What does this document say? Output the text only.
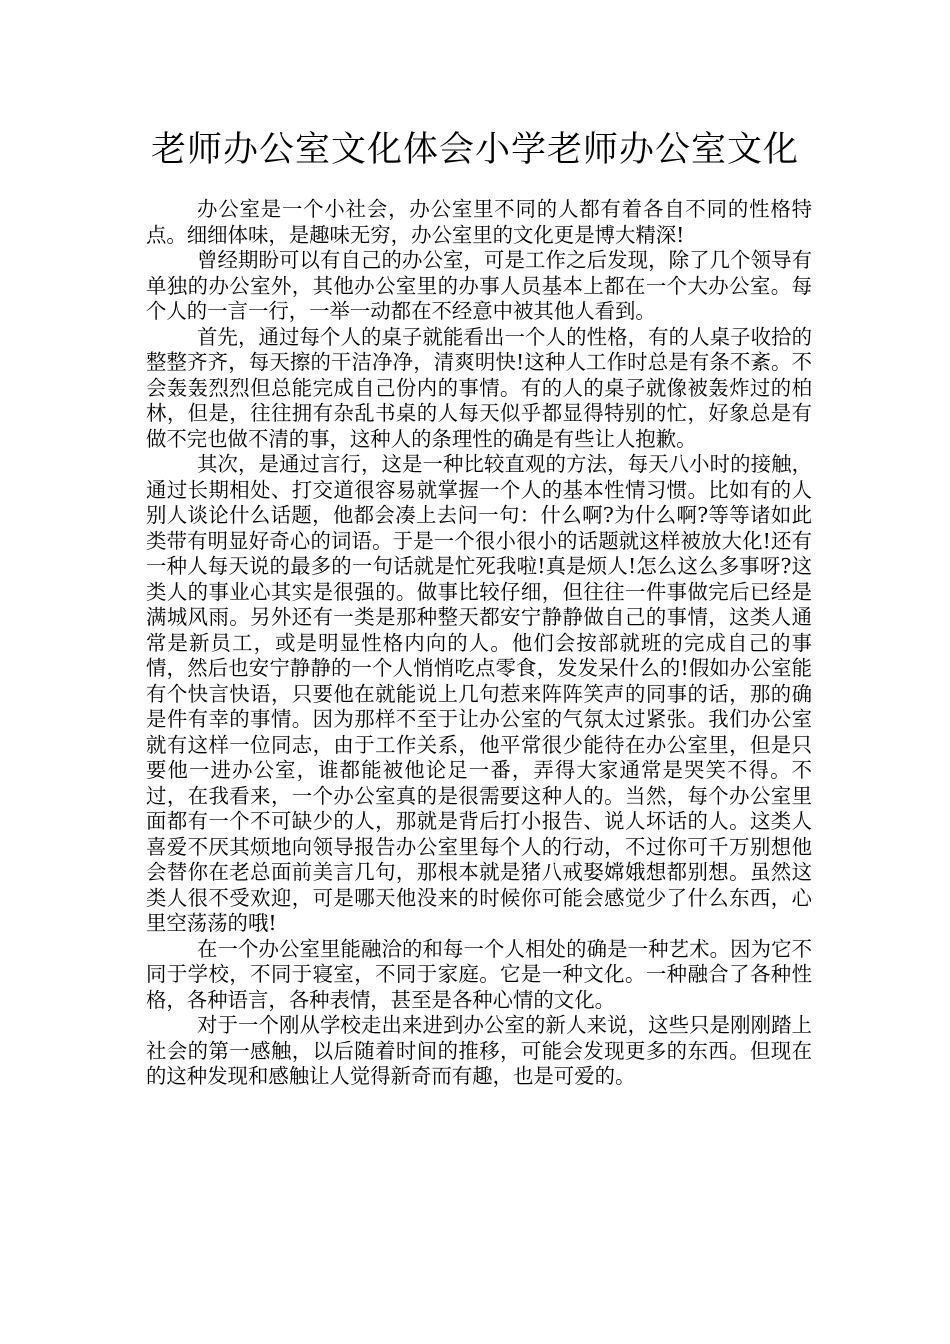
老师办公室文化体会小学老师办公室文化

办公室是一个小社会，办公室里不同的人都有着各自不同的性格特点。细细体味，是趣味无穷，办公室里的文化更是博大精深!

曾经期盼可以有自己的办公室，可是工作之后发现，除了几个领导有单独的办公室外，其他办公室里的办事人员基本上都在一个大办公室。每个人的一言一行，一举一动都在不经意中被其他人看到。

首先，通过每个人的桌子就能看出一个人的性格，有的人桌子收拾的整整齐齐，每天擦的干洁净净，清爽明快!这种人工作时总是有条不紊。不会轰轰烈烈但总能完成自己份内的事情。有的人的桌子就像被轰炸过的柏林，但是，往往拥有杂乱书桌的人每天似乎都显得特别的忙，好象总是有做不完也做不清的事，这种人的条理性的确是有些让人抱歉。

其次，是通过言行，这是一种比较直观的方法，每天八小时的接触，通过长期相处、打交道很容易就掌握一个人的基本性情习惯。比如有的人别人谈论什么话题，他都会凑上去问一句：什么啊?为什么啊?等等诸如此类带有明显好奇心的词语。于是一个很小很小的话题就这样被放大化!还有一种人每天说的最多的一句话就是忙死我啦!真是烦人!怎么这么多事呀?这类人的事业心其实是很强的。做事比较仔细，但往往一件事做完后已经是满城风雨。另外还有一类是那种整天都安宁静静做自己的事情，这类人通常是新员工，或是明显性格内向的人。他们会按部就班的完成自己的事情，然后也安宁静静的一个人悄悄吃点零食，发发呆什么的!假如办公室能有个快言快语，只要他在就能说上几句惹来阵阵笑声的同事的话，那的确是件有幸的事情。因为那样不至于让办公室的气氛太过紧张。我们办公室就有这样一位同志，由于工作关系，他平常很少能待在办公室里，但是只要他一进办公室，谁都能被他论足一番，弄得大家通常是哭笑不得。不过，在我看来，一个办公室真的是很需要这种人的。当然，每个办公室里面都有一个不可缺少的人，那就是背后打小报告、说人坏话的人。这类人喜爱不厌其烦地向领导报告办公室里每个人的行动，不过你可千万别想他会替你在老总面前美言几句，那根本就是猪八戒娶嫦娥想都别想。虽然这类人很不受欢迎，可是哪天他没来的时候你可能会感觉少了什么东西，心里空荡荡的哦!

在一个办公室里能融洽的和每一个人相处的确是一种艺术。因为它不同于学校，不同于寝室，不同于家庭。它是一种文化。一种融合了各种性格，各种语言，各种表情，甚至是各种心情的文化。

对于一个刚从学校走出来进到办公室的新人来说，这些只是刚刚踏上社会的第一感触，以后随着时间的推移，可能会发现更多的东西。但现在的这种发现和感触让人觉得新奇而有趣，也是可爱的。
